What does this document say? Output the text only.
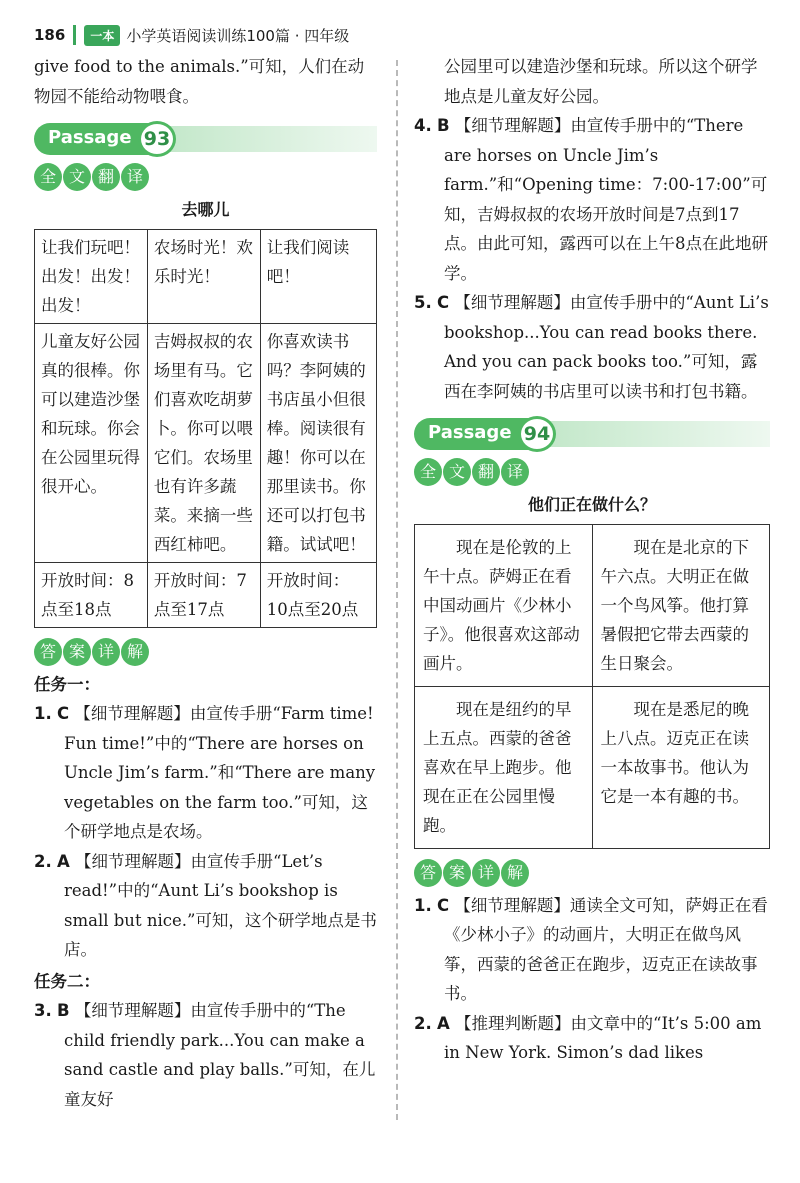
186	一本 小学英语阅读训练100篇 · 四年级

give food to the animals.”可知，人们在动物园不能给动物喂食。

Passage 93
全 文 翻 译
去哪儿
让我们玩吧！出发！出发！出发！	农场时光！欢乐时光！	让我们阅读吧！
儿童友好公园真的很棒。你可以建造沙堡和玩球。你会在公园里玩得很开心。	吉姆叔叔的农场里有马。它们喜欢吃胡萝卜。你可以喂它们。农场里也有许多蔬菜。来摘一些西红柿吧。	你喜欢读书吗？李阿姨的书店虽小但很棒。阅读很有趣！你可以在那里读书。你还可以打包书籍。试试吧！
开放时间：8点至18点	开放时间：7点至17点	开放时间：10点至20点
答 案 详 解
任务一：

1. C 【细节理解题】由宣传手册“Farm time! Fun time!”中的“There are horses on Uncle Jim’s farm.”和“There are many vegetables on the farm too.”可知，这个研学地点是农场。

2. A 【细节理解题】由宣传手册“Let’s read!”中的“Aunt Li’s bookshop is small but nice.”可知，这个研学地点是书店。

任务二：

3. B 【细节理解题】由宣传手册中的“The child friendly park...You can make a sand castle and play balls.”可知，在儿童友好

公园里可以建造沙堡和玩球。所以这个研学地点是儿童友好公园。

4. B 【细节理解题】由宣传手册中的“There are horses on Uncle Jim’s farm.”和“Opening time：7:00-17:00”可知，吉姆叔叔的农场开放时间是7点到17点。由此可知，露西可以在上午8点在此地研学。

5. C 【细节理解题】由宣传手册中的“Aunt Li’s bookshop...You can read books there. And you can pack books too.”可知，露西在李阿姨的书店里可以读书和打包书籍。

Passage 94
全 文 翻 译
他们正在做什么？
现在是伦敦的上午十点。萨姆正在看中国动画片《少林小子》。他很喜欢这部动画片。	现在是北京的下午六点。大明正在做一个鸟风筝。他打算暑假把它带去西蒙的生日聚会。
现在是纽约的早上五点。西蒙的爸爸喜欢在早上跑步。他现在正在公园里慢跑。	现在是悉尼的晚上八点。迈克正在读一本故事书。他认为它是一本有趣的书。
答 案 详 解

1. C 【细节理解题】通读全文可知，萨姆正在看《少林小子》的动画片，大明正在做鸟风筝，西蒙的爸爸正在跑步，迈克正在读故事书。

2. A 【推理判断题】由文章中的“It’s 5:00 am in New York. Simon’s dad likes
